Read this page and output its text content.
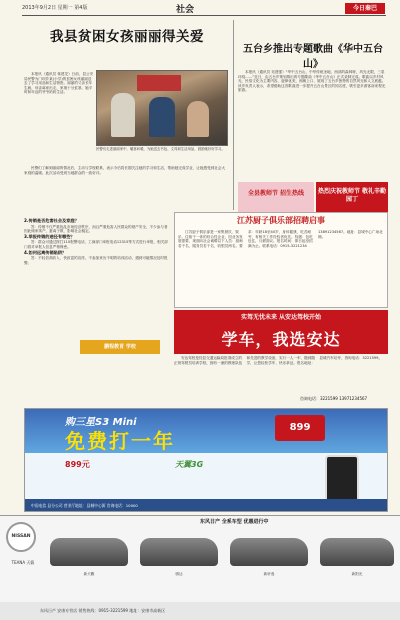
2013年9月2日 星期一 第4版	社会	今日秦巴
我县贫困女孩丽丽得关爱

本报讯（通讯员 蒋建龙）日前，县公安局民警为门坝乡某(小学)的贫困女孩丽丽送去了学习用品和生活物资。丽丽的父亲长年生病，母亲离家出走，家境十分贫寒，她平时和年迈的爷爷奶奶生活。

民警们走进丽丽家中，嘘寒问暖，为她送去书包、文具和生活用品，鼓励她好好学习。

民警们了解到丽丽的情况后，主动与学校联系，表示今后将长期关注她的学习和生活，帮助她完成学业，让她感受到社会大家庭的温暖。此次活动受到当地群众的一致好评。

五台乡推出专题歌曲《华中五台山》

本报讯（通讯员 吴建强）“华中五台山，中华传统圣地，西部的森林呀，风光无限，三星环绕……”近日，由五台乡策划推出的专题歌曲《华中五台山》正式录制完成。歌曲以乡村风光、民俗文化为主要内容，旋律优美，朗朗上口，展现了五台乡独特的自然风光和人文底蕴。该乡负责人表示，希望借助这首歌曲进一步提升五台山景区的知名度，吸引更多游客前来观光旅游。

全县教师节 招生热线	热烈庆祝教师节 敬礼辛勤园丁
2.传销是否危害社会及家庭？

答：传销不仅严重扰乱市场经济秩序，而且严重危害人民群众的财产安全，不少参与者因此倾家荡产，妻离子散，影响社会稳定。

3.举报传销的途径有哪些？

答：群众可通过拨打110报警电话、工商部门举报电话12315等方式进行举报，相关部门将对举报人信息严格保密。

4.如何远离传销陷阱？

答：不轻信高收入、快致富的宣传，不参加来历不明的培训活动，遇到可疑情况及时报警。

鹏程教育 学校
江苏厨子俱乐部招聘启事

江苏厨子俱乐部是一家集餐饮、娱乐、住宿于一体的综合性企业，因业务发展需要，现面向社会诚聘以下人员：厨师若干名、服务员若干名、收银员两名。要求：年龄18至40岁，身体健康，吃苦耐劳，有相关工作经验者优先。待遇：包吃包住，月薪面议。报名时间：即日起至招满为止。联系电话：0915-3221234 13891234567。地址：县城中心广场北侧。

实驾无忧未来 从安达驾校开始
学车，我选安达

安达驾校是经县交通运输局批准成立的正规驾驶员培训学校，拥有一流的教练队伍和先进的教学设备，实行一人一车、随到随学，让您轻松学车、快乐拿证。报名地址：县城汽车站旁，咨询电话：3221599。

咨询电话：3221599 13971234567
购三星S3 Mini
免费打一年
899
899元	天翼3G
中国电信 县分公司 营业厅地址：县城中心街 咨询电话：10000
NISSAN
TEANA 天籁
东风日产 全系车型 优惠进行中
新天籁	骐达	新轩逸	新阳光
东风日产 安康专营店 销售热线：0915-3221599 地址：安康市高新区
